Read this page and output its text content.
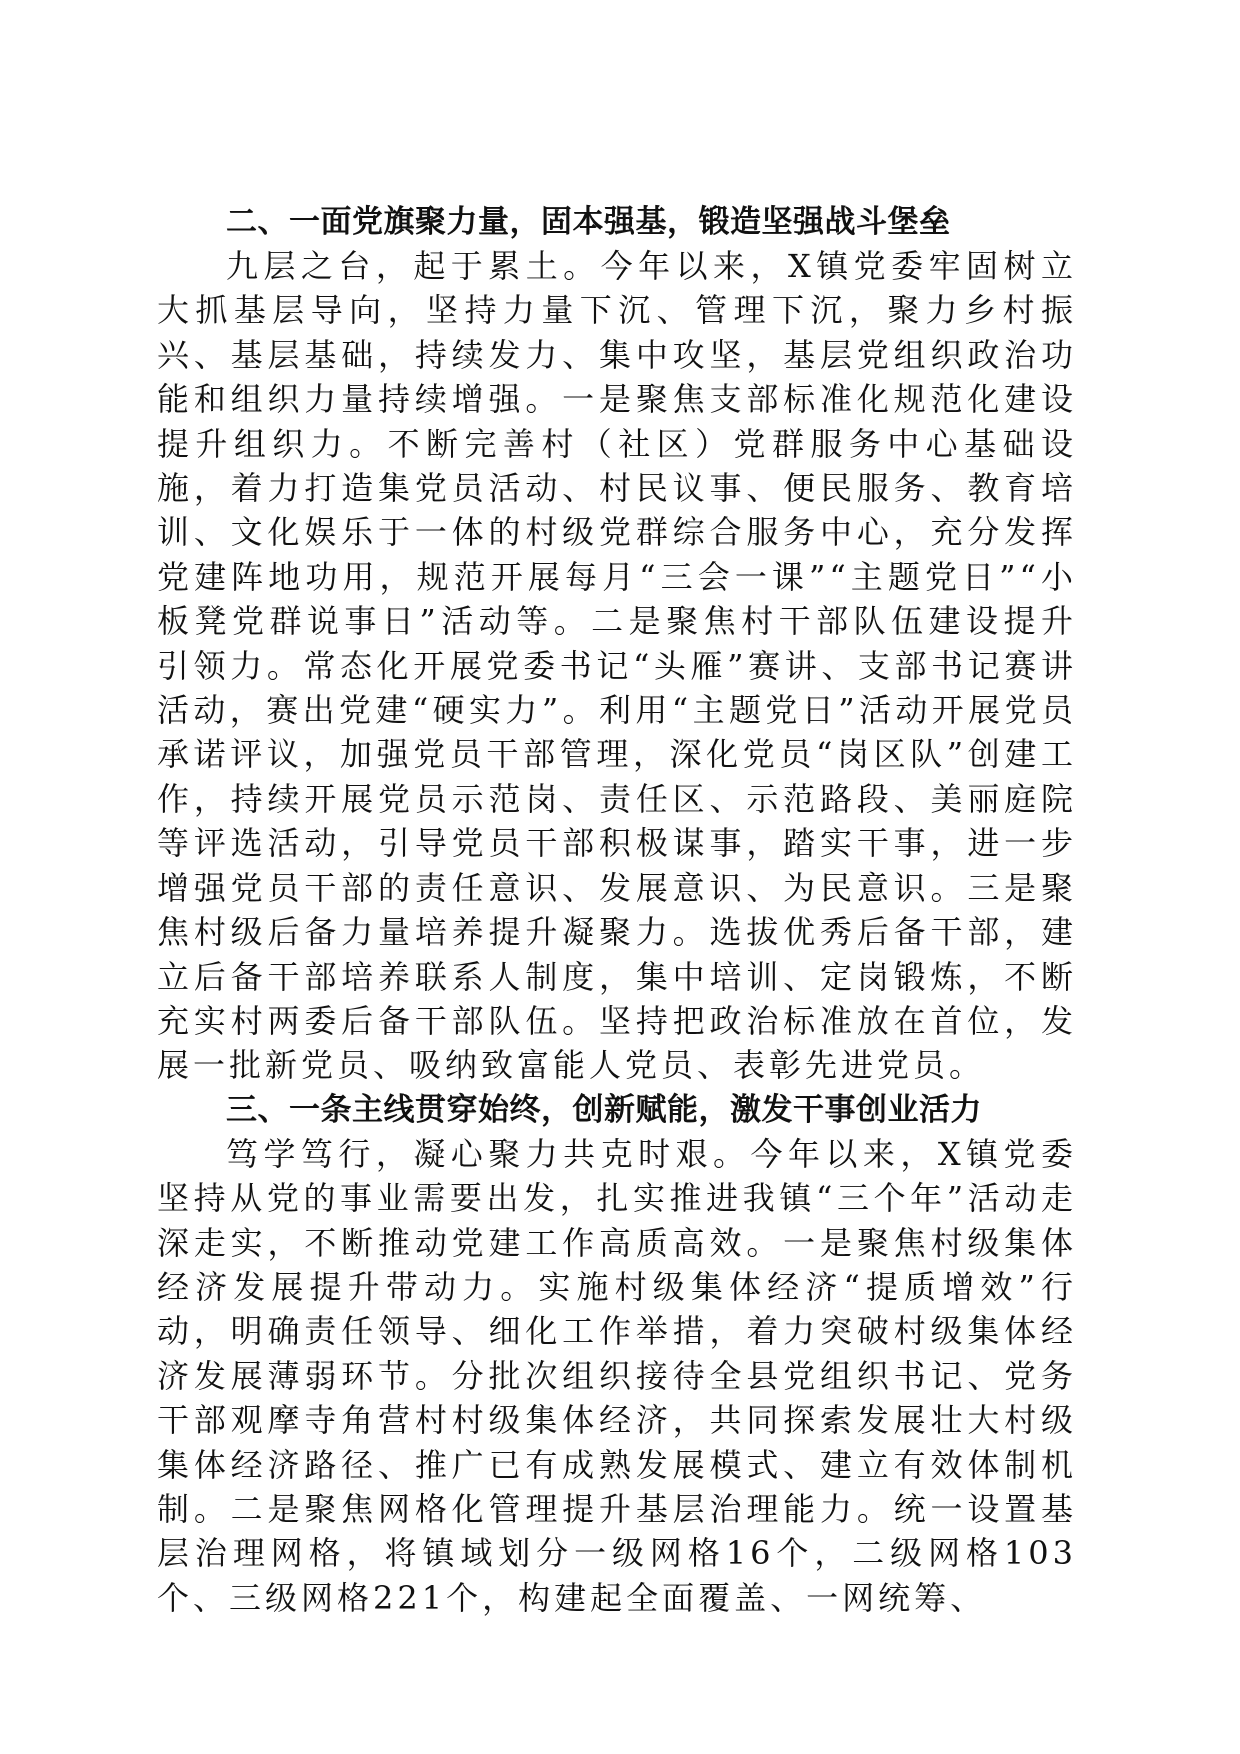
二、一面党旗聚力量，固本强基，锻造坚强战斗堡垒

九层之台，起于累土。今年以来，X镇党委牢固树立大抓基层导向，坚持力量下沉、管理下沉，聚力乡村振兴、基层基础，持续发力、集中攻坚，基层党组织政治功能和组织力量持续增强。一是聚焦支部标准化规范化建设提升组织力。不断完善村（社区）党群服务中心基础设施，着力打造集党员活动、村民议事、便民服务、教育培训、文化娱乐于一体的村级党群综合服务中心，充分发挥党建阵地功用，规范开展每月“三会一课”“主题党日”“小板凳党群说事日”活动等。二是聚焦村干部队伍建设提升引领力。常态化开展党委书记“头雁”赛讲、支部书记赛讲活动，赛出党建“硬实力”。利用“主题党日”活动开展党员承诺评议，加强党员干部管理，深化党员“岗区队”创建工作，持续开展党员示范岗、责任区、示范路段、美丽庭院等评选活动，引导党员干部积极谋事，踏实干事，进一步增强党员干部的责任意识、发展意识、为民意识。三是聚焦村级后备力量培养提升凝聚力。选拔优秀后备干部，建立后备干部培养联系人制度，集中培训、定岗锻炼，不断充实村两委后备干部队伍。坚持把政治标准放在首位，发展一批新党员、吸纳致富能人党员、表彰先进党员。

三、一条主线贯穿始终，创新赋能，激发干事创业活力

笃学笃行，凝心聚力共克时艰。今年以来，X镇党委坚持从党的事业需要出发，扎实推进我镇“三个年”活动走深走实，不断推动党建工作高质高效。一是聚焦村级集体经济发展提升带动力。实施村级集体经济“提质增效”行动，明确责任领导、细化工作举措，着力突破村级集体经济发展薄弱环节。分批次组织接待全县党组织书记、党务干部观摩寺角营村村级集体经济，共同探索发展壮大村级集体经济路径、推广已有成熟发展模式、建立有效体制机制。二是聚焦网格化管理提升基层治理能力。统一设置基层治理网格，将镇域划分一级网格16个，二级网格103个、三级网格221个，构建起全面覆盖、一网统筹、
